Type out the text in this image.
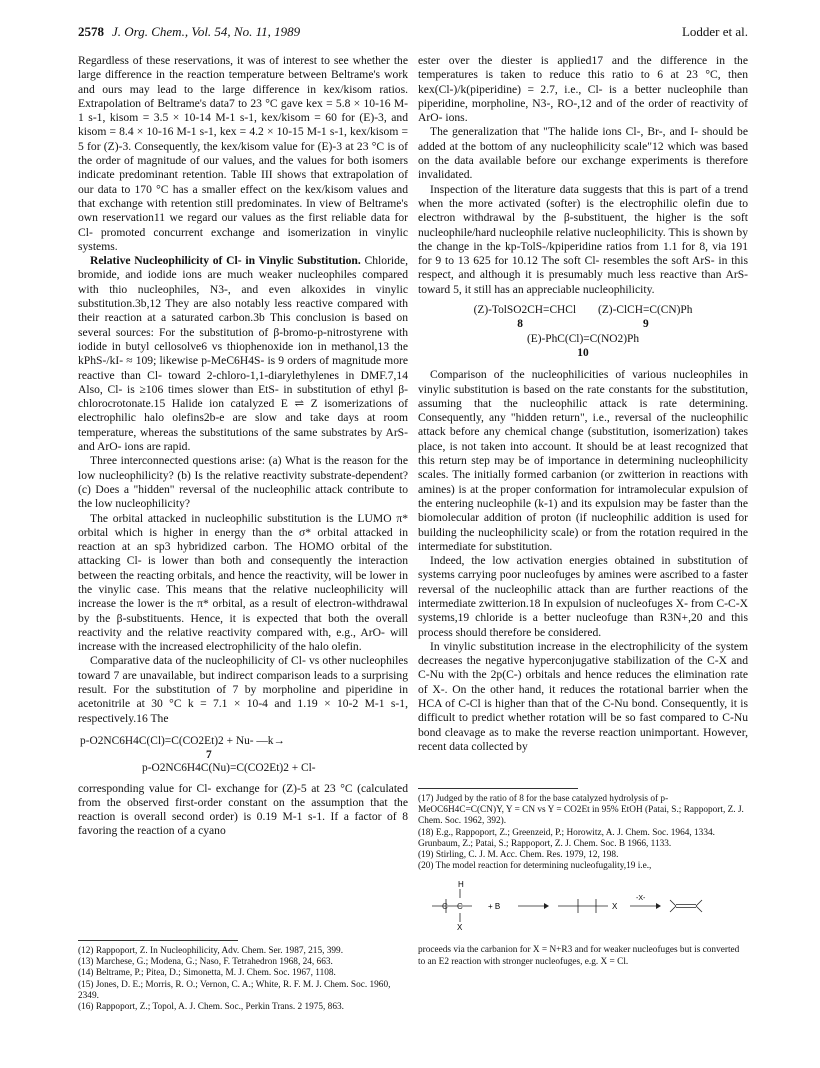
2578 J. Org. Chem., Vol. 54, No. 11, 1989	Lodder et al.

Regardless of these reservations, it was of interest to see whether the large difference in the reaction temperature between Beltrame's work and ours may lead to the large difference in kex/kisom ratios. Extrapolation of Beltrame's data7 to 23 °C gave kex = 5.8 × 10-16 M-1 s-1, kisom = 3.5 × 10-14 M-1 s-1, kex/kisom = 60 for (E)-3, and kisom = 8.4 × 10-16 M-1 s-1, kex = 4.2 × 10-15 M-1 s-1, kex/kisom = 5 for (Z)-3. Consequently, the kex/kisom value for (E)-3 at 23 °C is of the order of magnitude of our values, and the values for both isomers indicate predominant retention. Table III shows that extrapolation of our data to 170 °C has a smaller effect on the kex/kisom values and that exchange with retention still predominates. In view of Beltrame's own reservation11 we regard our values as the first reliable data for Cl- promoted concurrent exchange and isomerization in vinylic systems.

Relative Nucleophilicity of Cl- in Vinylic Substitution. Chloride, bromide, and iodide ions are much weaker nucleophiles compared with thio nucleophiles, N3-, and even alkoxides in vinylic substitution.3b,12 They are also notably less reactive compared with their reaction at a saturated carbon.3b This conclusion is based on several sources: For the substitution of β-bromo-p-nitrostyrene with iodide in butyl cellosolve6 vs thiophenoxide ion in methanol,13 the kPhS-/kI- ≈ 109; likewise p-MeC6H4S- is 9 orders of magnitude more reactive than Cl- toward 2-chloro-1,1-diarylethylenes in DMF.7,14 Also, Cl- is ≥106 times slower than EtS- in substitution of ethyl β-chlorocrotonate.15 Halide ion catalyzed E ⇌ Z isomerizations of electrophilic halo olefins2b-e are slow and take days at room temperature, whereas the substitutions of the same substrates by ArS- and ArO- ions are rapid.

Three interconnected questions arise: (a) What is the reason for the low nucleophilicity? (b) Is the relative reactivity substrate-dependent? (c) Does a "hidden" reversal of the nucleophilic attack contribute to the low nucleophilicity?

The orbital attacked in nucleophilic substitution is the LUMO π* orbital which is higher in energy than the σ* orbital attacked in reaction at an sp3 hybridized carbon. The HOMO orbital of the attacking Cl- is lower than both and consequently the interaction between the reacting orbitals, and hence the reactivity, will be lower in the vinylic case. This means that the relative nucleophilicity will increase the lower is the π* orbital, as a result of electron-withdrawal by the β-substituents. Hence, it is expected that both the overall reactivity and the relative reactivity compared with, e.g., ArO- will increase with the increased electrophilicity of the halo olefin.

Comparative data of the nucleophilicity of Cl- vs other nucleophiles toward 7 are unavailable, but indirect comparison leads to a surprising result. For the substitution of 7 by morpholine and piperidine in acetonitrile at 30 °C k = 7.1 × 10-4 and 1.19 × 10-2 M-1 s-1, respectively.16 The

p-O2NC6H4C(Cl)=C(CO2Et)2 + Nu- —k→
7
p-O2NC6H4C(Nu)=C(CO2Et)2 + Cl-

corresponding value for Cl- exchange for (Z)-5 at 23 °C (calculated from the observed first-order constant on the assumption that the reaction is overall second order) is 0.19 M-1 s-1. If a factor of 8 favoring the reaction of a cyano

(12) Rappoport, Z. In Nucleophilicity, Adv. Chem. Ser. 1987, 215, 399.

(13) Marchese, G.; Modena, G.; Naso, F. Tetrahedron 1968, 24, 663.

(14) Beltrame, P.; Pitea, D.; Simonetta, M. J. Chem. Soc. 1967, 1108.

(15) Jones, D. E.; Morris, R. O.; Vernon, C. A.; White, R. F. M. J. Chem. Soc. 1960, 2349.

(16) Rappoport, Z.; Topol, A. J. Chem. Soc., Perkin Trans. 2 1975, 863.

ester over the diester is applied17 and the difference in the temperatures is taken to reduce this ratio to 6 at 23 °C, then kex(Cl-)/k(piperidine) = 2.7, i.e., Cl- is a better nucleophile than piperidine, morpholine, N3-, RO-,12 and of the order of reactivity of ArO- ions.

The generalization that "The halide ions Cl-, Br-, and I- should be added at the bottom of any nucleophilicity scale"12 which was based on the data available before our exchange experiments is therefore invalidated.

Inspection of the literature data suggests that this is part of a trend when the more activated (softer) is the electrophilic olefin due to electron withdrawal by the β-substituent, the higher is the soft nucleophile/hard nucleophile relative nucleophilicity. This is shown by the change in the kp-TolS-/kpiperidine ratios from 1.1 for 8, via 191 for 9 to 13 625 for 10.12 The soft Cl- resembles the soft ArS- in this respect, and although it is presumably much less reactive than ArS- toward 5, it still has an appreciable nucleophilicity.

(Z)-TolSO2CH=CHCl (Z)-ClCH=C(CN)Ph
8	9
(E)-PhC(Cl)=C(NO2)Ph
10

Comparison of the nucleophilicities of various nucleophiles in vinylic substitution is based on the rate constants for the substitution, assuming that the nucleophilic attack is rate determining. Consequently, any "hidden return", i.e., reversal of the nucleophilic attack before any chemical change (substitution, isomerization) takes place, is not taken into account. It should be at least recognized that this return step may be of importance in determining nucleophilicity scales. The initially formed carbanion (or zwitterion in reactions with amines) is at the proper conformation for intramolecular expulsion of the entering nucleophile (k-1) and its expulsion may be faster than the biomolecular addition of proton (if nucleophilic addition is used for building the nucleophilicity scale) or from the rotation required in the intermediate for substitution.

Indeed, the low activation energies obtained in substitution of systems carrying poor nucleofuges by amines were ascribed to a faster reversal of the nucleophilic attack than are further reactions of the intermediate zwitterion.18 In expulsion of nucleofuges X- from C-C-X systems,19 chloride is a better nucleofuge than R3N+,20 and this process should therefore be considered.

In vinylic substitution increase in the electrophilicity of the system decreases the negative hyperconjugative stabilization of the C-X and C-Nu with the 2p(C-) orbitals and hence reduces the elimination rate of X-. On the other hand, it reduces the rotational barrier when the HCA of C-Cl is higher than that of the C-Nu bond. Consequently, it is difficult to predict whether rotation will be so fast compared to C-Nu bond cleavage as to make the reverse reaction unimportant. However, recent data collected by

(17) Judged by the ratio of 8 for the base catalyzed hydrolysis of p-MeOC6H4C=C(CN)Y, Y = CN vs Y = CO2Et in 95% EtOH (Patai, S.; Rappoport, Z. J. Chem. Soc. 1962, 392).

(18) E.g., Rappoport, Z.; Greenzeid, P.; Horowitz, A. J. Chem. Soc. 1964, 1334. Grunbaum, Z.; Patai, S.; Rappoport, Z. J. Chem. Soc. B 1966, 1133.

(19) Stirling, C. J. M. Acc. Chem. Res. 1979, 12, 198.

(20) The model reaction for determining nucleofugality,19 i.e.,

H
C C
X
+ B	X
-X-

proceeds via the carbanion for X = N+R3 and for weaker nucleofuges but is converted to an E2 reaction with stronger nucleofuges, e.g. X = Cl.
